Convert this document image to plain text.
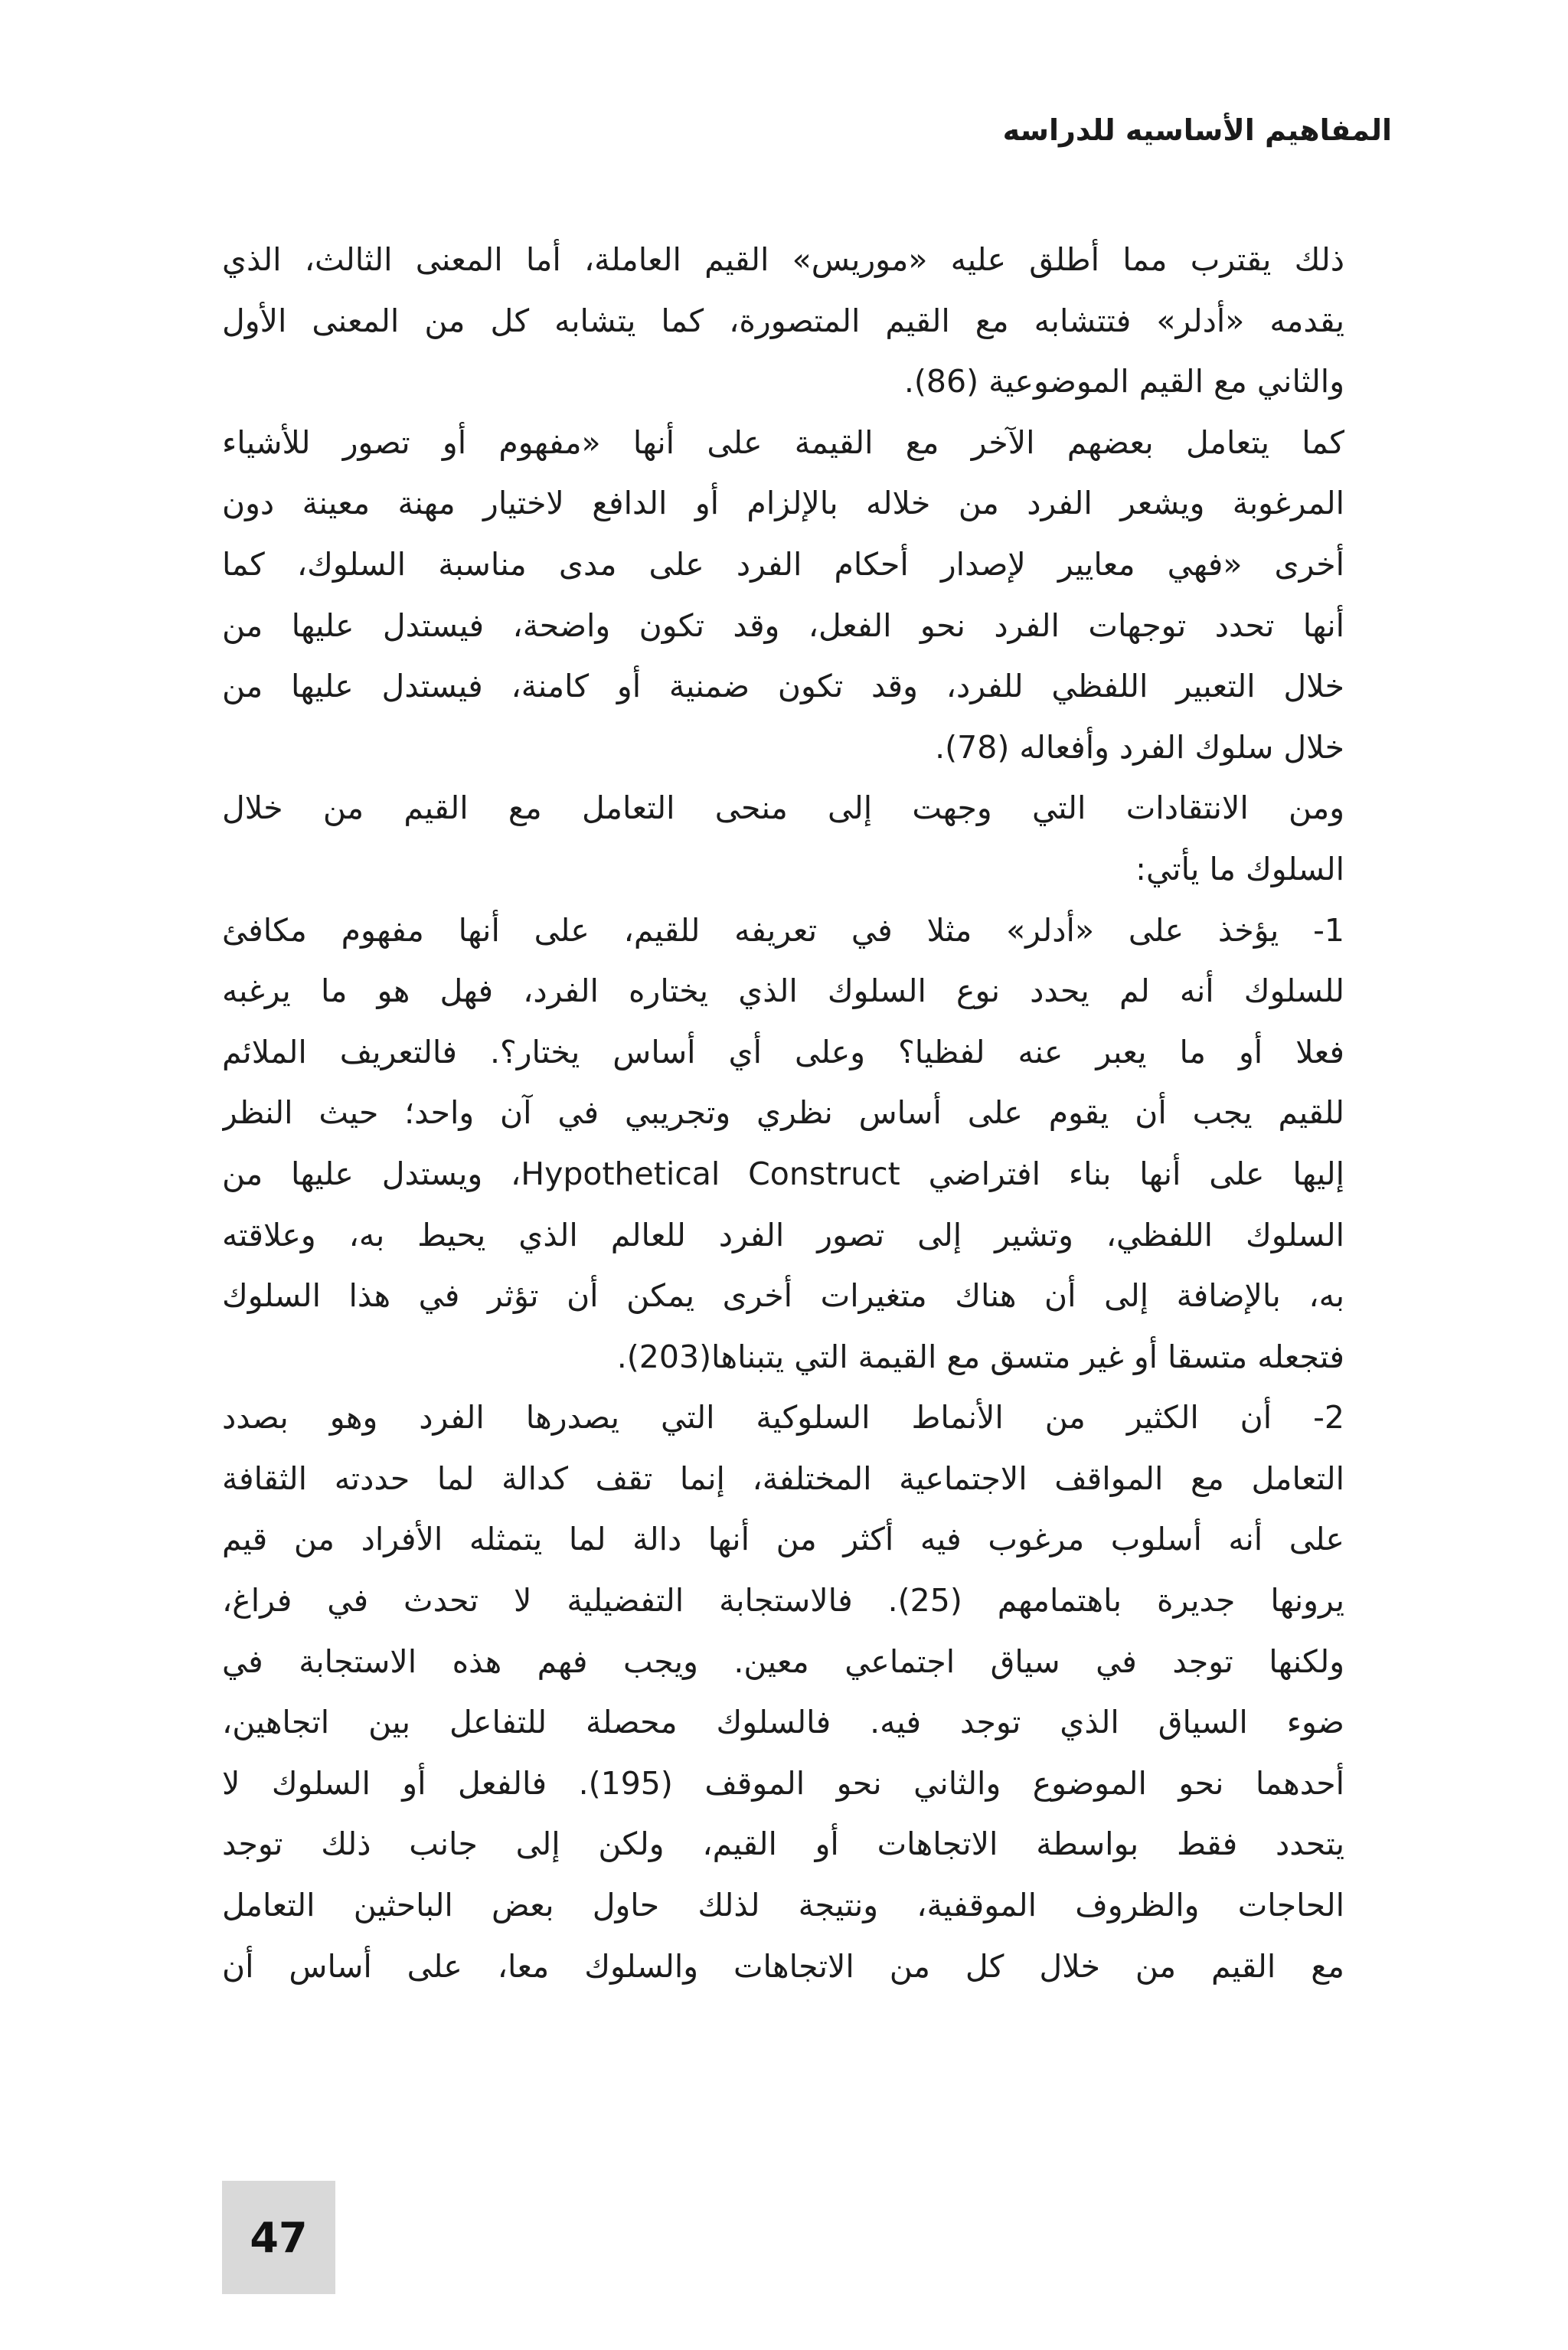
المفاهيم الأساسيه للدراسه
ذلك يقترب مما أطلق عليه «موريس» القيم العاملة، أما المعنى الثالث، الذي
يقدمه «أدلر» فتتشابه مع القيم المتصورة، كما يتشابه كل من المعنى الأول
والثاني مع القيم الموضوعية (86).
كما يتعامل بعضهم الآخر مع القيمة على أنها «مفهوم أو تصور للأشياء
المرغوبة ويشعر الفرد من خلاله بالإلزام أو الدافع لاختيار مهنة معينة دون
أخرى «فهي معايير لإصدار أحكام الفرد على مدى مناسبة السلوك، كما
أنها تحدد توجهات الفرد نحو الفعل، وقد تكون واضحة، فيستدل عليها من
خلال التعبير اللفظي للفرد، وقد تكون ضمنية أو كامنة، فيستدل عليها من
خلال سلوك الفرد وأفعاله (78).
ومن الانتقادات التي وجهت إلى منحى التعامل مع القيم من خلال
السلوك ما يأتي:
1- يؤخذ على «أدلر» مثلا في تعريفه للقيم، على أنها مفهوم مكافئ
للسلوك أنه لم يحدد نوع السلوك الذي يختاره الفرد، فهل هو ما يرغبه
فعلا أو ما يعبر عنه لفظيا؟ وعلى أي أساس يختار؟. فالتعريف الملائم
للقيم يجب أن يقوم على أساس نظري وتجريبي في آن واحد؛ حيث النظر
إليها على أنها بناء افتراضي Hypothetical Construct، ويستدل عليها من
السلوك اللفظي، وتشير إلى تصور الفرد للعالم الذي يحيط به، وعلاقته
به، بالإضافة إلى أن هناك متغيرات أخرى يمكن أن تؤثر في هذا السلوك
فتجعله متسقا أو غير متسق مع القيمة التي يتبناها(203).
2- أن الكثير من الأنماط السلوكية التي يصدرها الفرد وهو بصدد
التعامل مع المواقف الاجتماعية المختلفة، إنما تقف كدالة لما حددته الثقافة
على أنه أسلوب مرغوب فيه أكثر من أنها دالة لما يتمثله الأفراد من قيم
يرونها جديرة باهتمامهم (25). فالاستجابة التفضيلية لا تحدث في فراغ،
ولكنها توجد في سياق اجتماعي معين. ويجب فهم هذه الاستجابة في
ضوء السياق الذي توجد فيه. فالسلوك محصلة للتفاعل بين اتجاهين،
أحدهما نحو الموضوع والثاني نحو الموقف (195). فالفعل أو السلوك لا
يتحدد فقط بواسطة الاتجاهات أو القيم، ولكن إلى جانب ذلك توجد
الحاجات والظروف الموقفية، ونتيجة لذلك حاول بعض الباحثين التعامل
مع القيم من خلال كل من الاتجاهات والسلوك معا، على أساس أن
47
